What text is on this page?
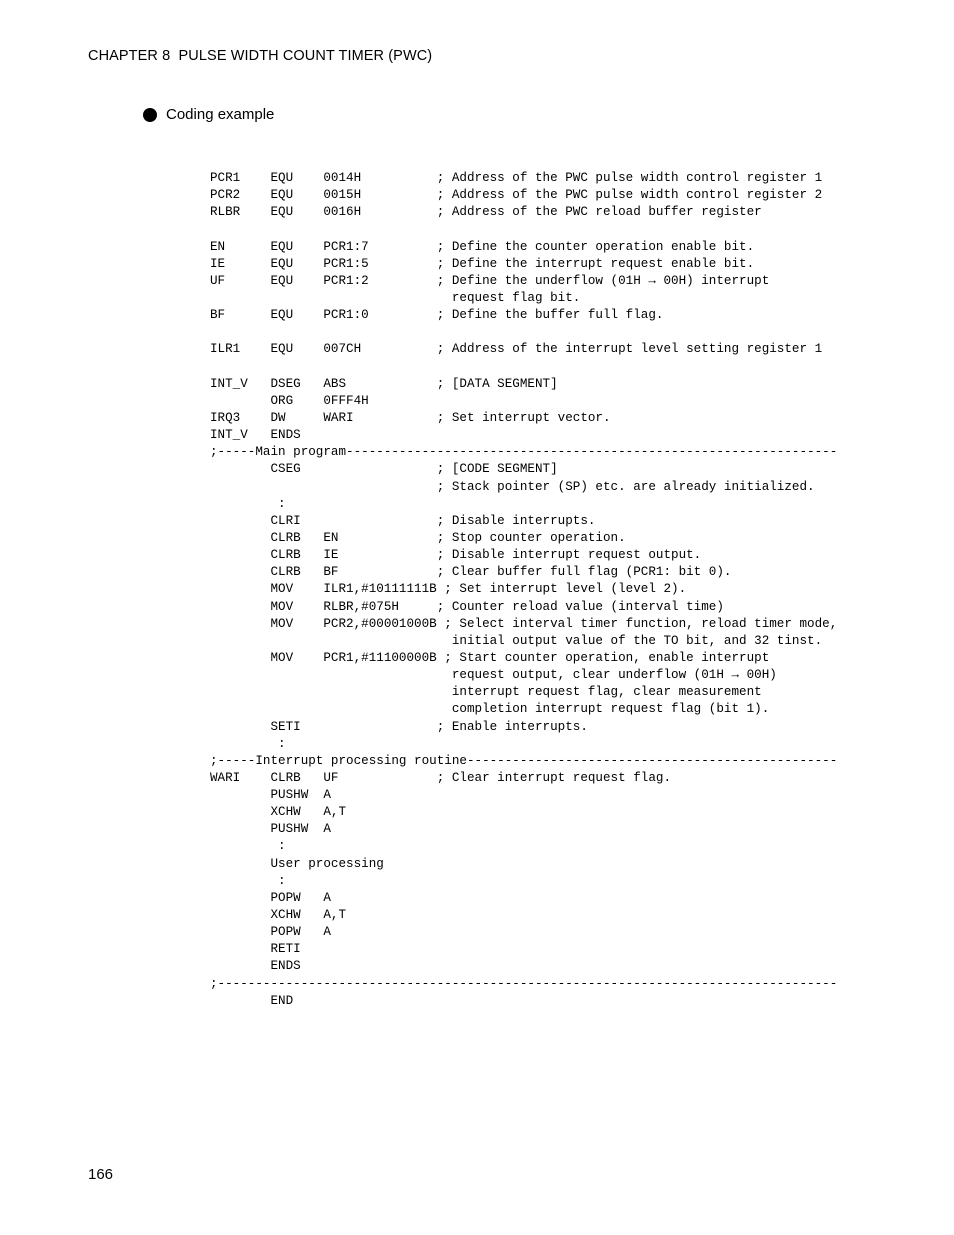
CHAPTER 8  PULSE WIDTH COUNT TIMER (PWC)
Coding example
PCR1    EQU    0014H          ; Address of the PWC pulse width control register 1
PCR2    EQU    0015H          ; Address of the PWC pulse width control register 2
RLBR    EQU    0016H          ; Address of the PWC reload buffer register
EN      EQU    PCR1:7         ; Define the counter operation enable bit.
IE      EQU    PCR1:5         ; Define the interrupt request enable bit.
UF      EQU    PCR1:2         ; Define the underflow (01H → 00H) interrupt
request flag bit.
BF      EQU    PCR1:0         ; Define the buffer full flag.
ILR1    EQU    007CH          ; Address of the interrupt level setting register 1
INT_V   DSEG   ABS            ; [DATA SEGMENT]
ORG    0FFF4H
IRQ3    DW     WARI           ; Set interrupt vector.
INT_V   ENDS
;-----Main program-----------------------------------------------------------------
CSEG                  ; [CODE SEGMENT]
; Stack pointer (SP) etc. are already initialized.
:
CLRI                  ; Disable interrupts.
CLRB   EN             ; Stop counter operation.
CLRB   IE             ; Disable interrupt request output.
CLRB   BF             ; Clear buffer full flag (PCR1: bit 0).
MOV    ILR1,#10111111B ; Set interrupt level (level 2).
MOV    RLBR,#075H     ; Counter reload value (interval time)
MOV    PCR2,#00001000B ; Select interval timer function, reload timer mode,
initial output value of the TO bit, and 32 tinst.
MOV    PCR1,#11100000B ; Start counter operation, enable interrupt
request output, clear underflow (01H → 00H)
interrupt request flag, clear measurement
completion interrupt request flag (bit 1).
SETI                  ; Enable interrupts.
:
;-----Interrupt processing routine-------------------------------------------------
WARI    CLRB   UF             ; Clear interrupt request flag.
PUSHW  A
XCHW   A,T
PUSHW  A
:
User processing
:
POPW   A
XCHW   A,T
POPW   A
RETI
ENDS
;----------------------------------------------------------------------------------
END
166
